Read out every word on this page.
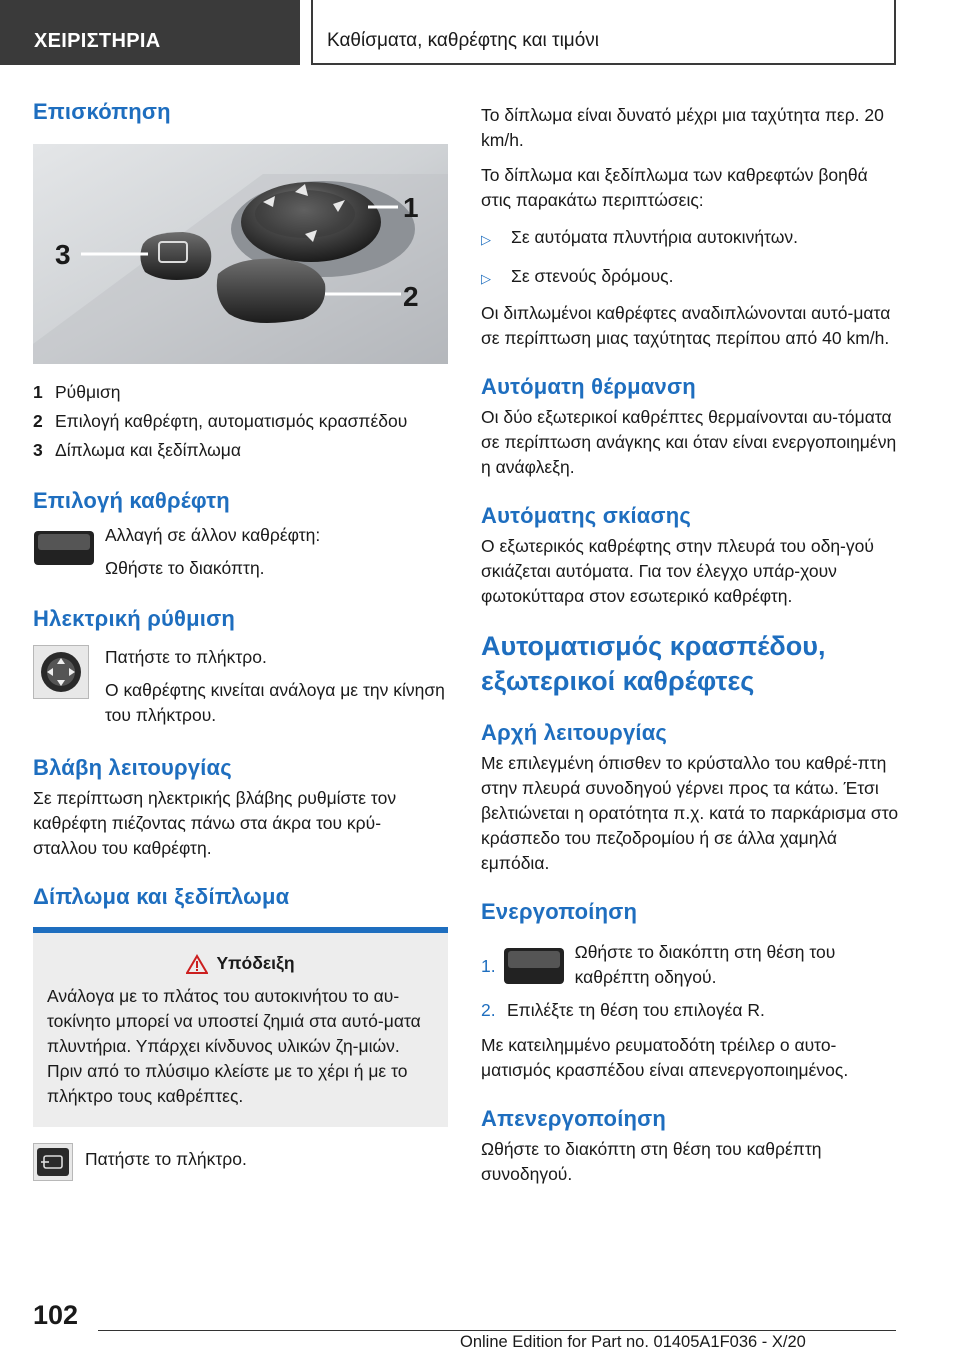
ΧΕΙΡΙΣΤΗΡΙΑ	Καθίσματα, καθρέφτης και τιμόνι
Επισκόπηση
1
2
3
1 Ρύθμιση
2 Επιλογή καθρέφτη, αυτοματισμός κρασπέδου
3 Δίπλωμα και ξεδίπλωμα
Επιλογή καθρέφτη
Αλλαγή σε άλλον καθρέφτη:
Ωθήστε το διακόπτη.
Ηλεκτρική ρύθμιση
Πατήστε το πλήκτρο.
Ο καθρέφτης κινείται ανάλογα με την κίνηση του πλήκτρου.
Βλάβη λειτουργίας
Σε περίπτωση ηλεκτρικής βλάβης ρυθμίστε τον καθρέφτη πιέζοντας πάνω στα άκρα του κρύ-σταλλου του καθρέφτη.
Δίπλωμα και ξεδίπλωμα
Υπόδειξη
Ανάλογα με το πλάτος του αυτοκινήτου το αυ-τοκίνητο μπορεί να υποστεί ζημιά στα αυτό-ματα πλυντήρια. Υπάρχει κίνδυνος υλικών ζη-μιών. Πριν από το πλύσιμο κλείστε με το χέρι ή με το πλήκτρο τους καθρέπτες.
Πατήστε το πλήκτρο.
Το δίπλωμα είναι δυνατό μέχρι μια ταχύτητα περ. 20 km/h.
Το δίπλωμα και ξεδίπλωμα των καθρεφτών βοηθά στις παρακάτω περιπτώσεις:
▷	Σε αυτόματα πλυντήρια αυτοκινήτων.
▷	Σε στενούς δρόμους.
Οι διπλωμένοι καθρέφτες αναδιπλώνονται αυτό-ματα σε περίπτωση μιας ταχύτητας περίπου από 40 km/h.
Αυτόματη θέρμανση
Οι δύο εξωτερικοί καθρέπτες θερμαίνονται αυ-τόματα σε περίπτωση ανάγκης και όταν είναι ενεργοποιημένη η ανάφλεξη.
Αυτόματης σκίασης
Ο εξωτερικός καθρέφτης στην πλευρά του οδη-γού σκιάζεται αυτόματα. Για τον έλεγχο υπάρ-χουν φωτοκύτταρα στον εσωτερικό καθρέφτη.
Αυτοματισμός κρασπέδου,
εξωτερικοί καθρέφτες
Αρχή λειτουργίας
Με επιλεγμένη όπισθεν το κρύσταλλο του καθρέ-πτη στην πλευρά συνοδηγού γέρνει προς τα κάτω. Έτσι βελτιώνεται η ορατότητα π.χ. κατά το παρκάρισμα στο κράσπεδο του πεζοδρομίου ή σε άλλα χαμηλά εμπόδια.
Ενεργοποίηση
1.
Ωθήστε το διακόπτη στη θέση του καθρέπτη οδηγού.
2. Επιλέξτε τη θέση του επιλογέα R.
Με κατειλημμένο ρευματοδότη τρέιλερ ο αυτο-ματισμός κρασπέδου είναι απενεργοποιημένος.
Απενεργοποίηση
Ωθήστε το διακόπτη στη θέση του καθρέπτη συνοδηγού.
102
Online Edition for Part no. 01405A1F036 - X/20
